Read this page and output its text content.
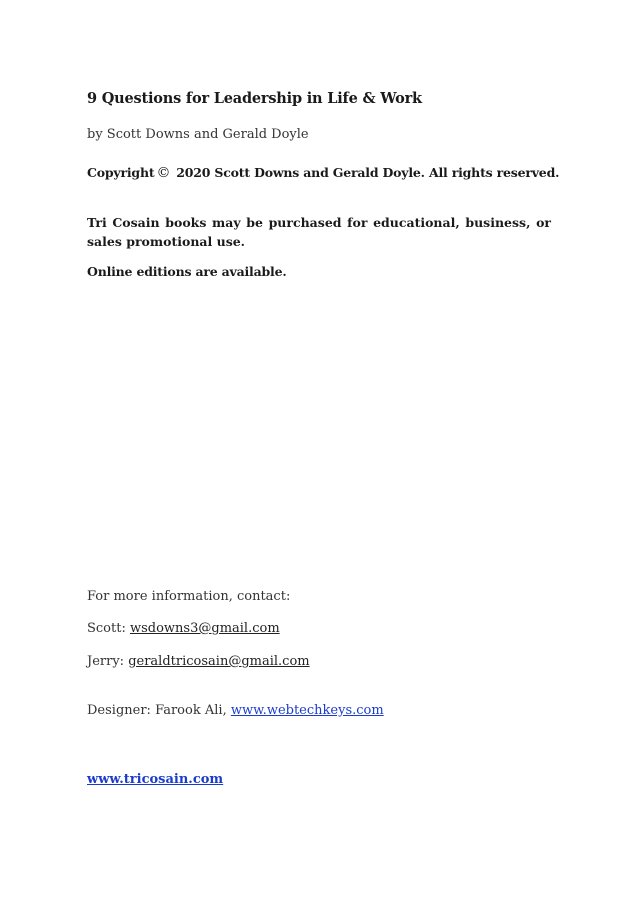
9 Questions for Leadership in Life & Work

by Scott Downs and Gerald Doyle

Copyright © 2020 Scott Downs and Gerald Doyle. All rights reserved.

Tri Cosain books may be purchased for educational, business, or sales promotional use.

Online editions are available.

For more information, contact:

Scott: wsdowns3@gmail.com

Jerry: geraldtricosain@gmail.com

Designer: Farook Ali, www.webtechkeys.com

www.tricosain.com
